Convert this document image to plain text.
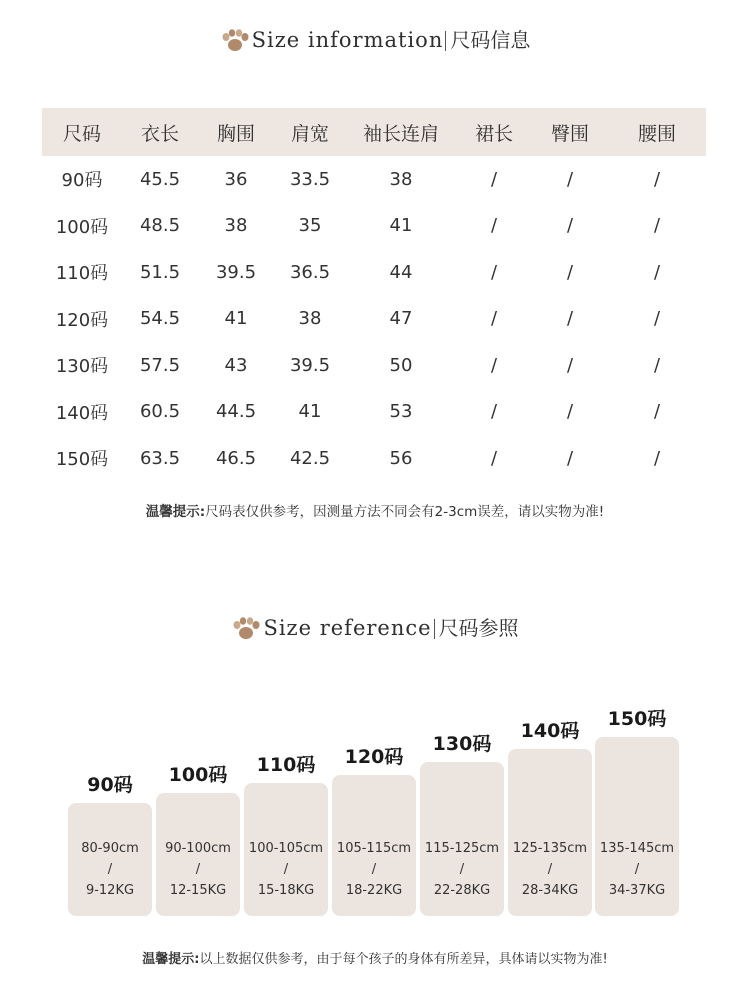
Size information 尺码信息
尺码	衣长	胸围	肩宽	袖长连肩	裙长	臀围	腰围
90码	45.5	36	33.5	38	/	/	/
100码	48.5	38	35	41	/	/	/
110码	51.5	39.5	36.5	44	/	/	/
120码	54.5	41	38	47	/	/	/
130码	57.5	43	39.5	50	/	/	/
140码	60.5	44.5	41	53	/	/	/
150码	63.5	46.5	42.5	56	/	/	/
温馨提示:尺码表仅供参考，因测量方法不同会有2-3cm误差，请以实物为准!
Size reference 尺码参照
90码
80-90cm
/
9-12KG
100码
90-100cm
/
12-15KG
110码
100-105cm
/
15-18KG
120码
105-115cm
/
18-22KG
130码
115-125cm
/
22-28KG
140码
125-135cm
/
28-34KG
150码
135-145cm
/
34-37KG
温馨提示:以上数据仅供参考，由于每个孩子的身体有所差异，具体请以实物为准!
